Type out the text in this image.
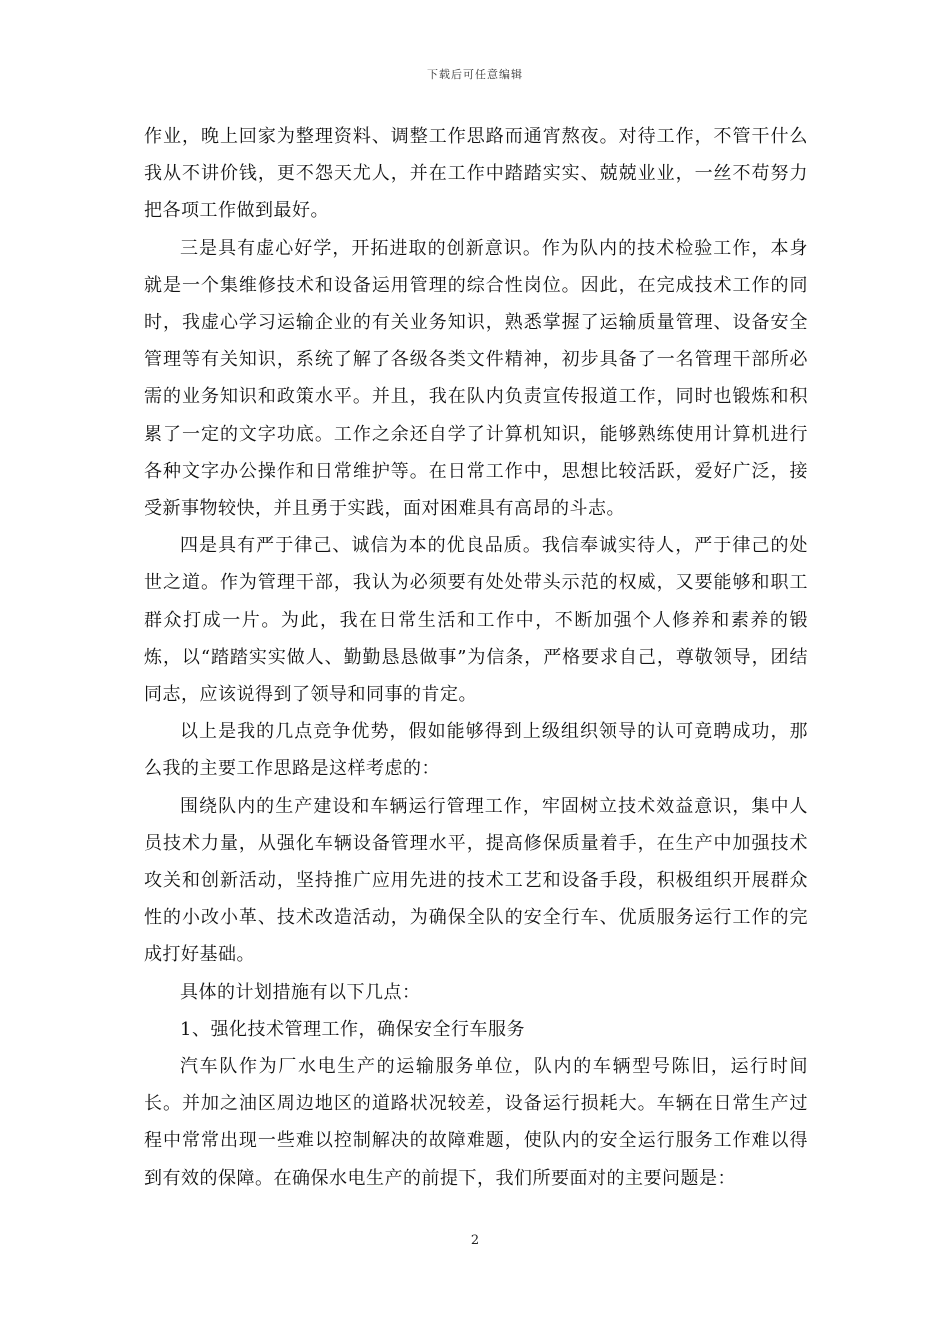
下载后可任意编辑

作业，晚上回家为整理资料、调整工作思路而通宵熬夜。对待工作，不管干什么我从不讲价钱，更不怨天尤人，并在工作中踏踏实实、兢兢业业，一丝不苟努力把各项工作做到最好。

三是具有虚心好学，开拓进取的创新意识。作为队内的技术检验工作，本身就是一个集维修技术和设备运用管理的综合性岗位。因此，在完成技术工作的同时，我虚心学习运输企业的有关业务知识，熟悉掌握了运输质量管理、设备安全管理等有关知识，系统了解了各级各类文件精神，初步具备了一名管理干部所必需的业务知识和政策水平。并且，我在队内负责宣传报道工作，同时也锻炼和积累了一定的文字功底。工作之余还自学了计算机知识，能够熟练使用计算机进行各种文字办公操作和日常维护等。在日常工作中，思想比较活跃，爱好广泛，接受新事物较快，并且勇于实践，面对困难具有高昂的斗志。

四是具有严于律己、诚信为本的优良品质。我信奉诚实待人，严于律己的处世之道。作为管理干部，我认为必须要有处处带头示范的权威，又要能够和职工群众打成一片。为此，我在日常生活和工作中，不断加强个人修养和素养的锻炼，以“踏踏实实做人、勤勤恳恳做事”为信条，严格要求自己，尊敬领导，团结同志，应该说得到了领导和同事的肯定。

以上是我的几点竞争优势，假如能够得到上级组织领导的认可竟聘成功，那么我的主要工作思路是这样考虑的：

围绕队内的生产建设和车辆运行管理工作，牢固树立技术效益意识，集中人员技术力量，从强化车辆设备管理水平，提高修保质量着手，在生产中加强技术攻关和创新活动，坚持推广应用先进的技术工艺和设备手段，积极组织开展群众性的小改小革、技术改造活动，为确保全队的安全行车、优质服务运行工作的完成打好基础。

具体的计划措施有以下几点：

1、强化技术管理工作，确保安全行车服务

汽车队作为厂水电生产的运输服务单位，队内的车辆型号陈旧，运行时间长。并加之油区周边地区的道路状况较差，设备运行损耗大。车辆在日常生产过程中常常出现一些难以控制解决的故障难题，使队内的安全运行服务工作难以得到有效的保障。在确保水电生产的前提下，我们所要面对的主要问题是：

2
